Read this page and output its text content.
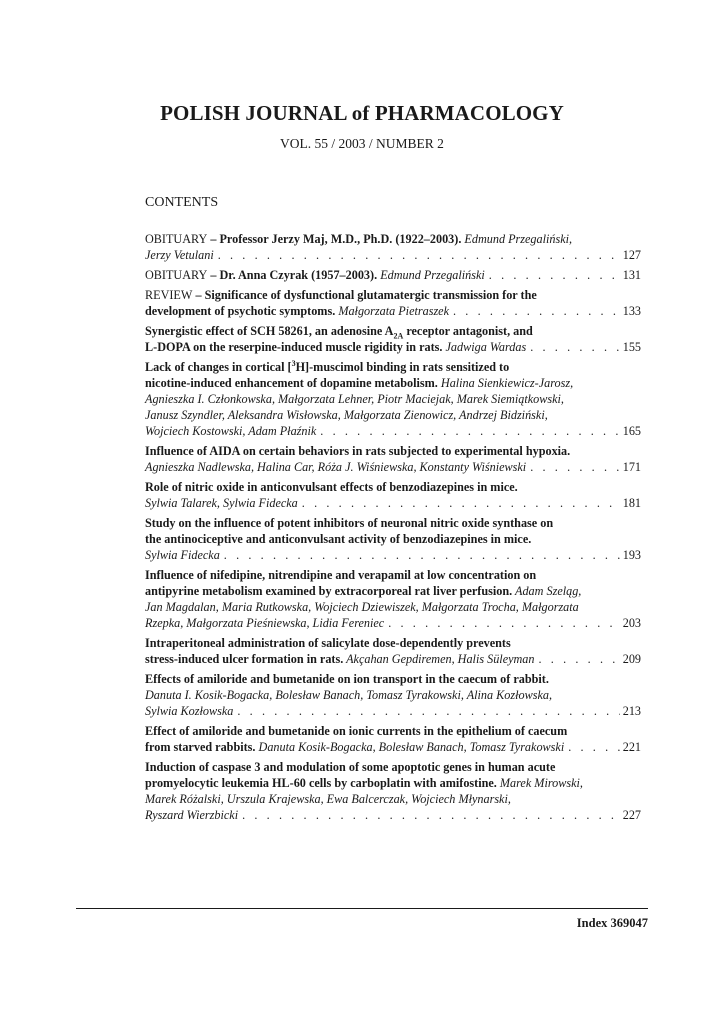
POLISH JOURNAL of PHARMACOLOGY
VOL. 55 / 2003 / NUMBER 2
CONTENTS
OBITUARY – Professor Jerzy Maj, M.D., Ph.D. (1922–2003). Edmund Przegaliński,
Jerzy Vetulani . . .	127
OBITUARY – Dr. Anna Czyrak (1957–2003). Edmund Przegaliński . . .	131
REVIEW – Significance of dysfunctional glutamatergic transmission for the
development of psychotic symptoms. Małgorzata Pietraszek . . .	133
Synergistic effect of SCH 58261, an adenosine $A_{2A}$ receptor antagonist, and
L-DOPA on the reserpine-induced muscle rigidity in rats. Jadwiga Wardas . . .	155
Lack of changes in cortical [$^3$H]-muscimol binding in rats sensitized to
nicotine-induced enhancement of dopamine metabolism. Halina Sienkiewicz-Jarosz,
Agnieszka I. Członkowska, Małgorzata Lehner, Piotr Maciejak, Marek Siemiątkowski,
Janusz Szyndler, Aleksandra Wisłowska, Małgorzata Zienowicz, Andrzej Bidziński,
Wojciech Kostowski, Adam Płaźnik . . .	165
Influence of AIDA on certain behaviors in rats subjected to experimental hypoxia.
Agnieszka Nadlewska, Halina Car, Róża J. Wiśniewska, Konstanty Wiśniewski . . .	171
Role of nitric oxide in anticonvulsant effects of benzodiazepines in mice.
Sylwia Talarek, Sylwia Fidecka . . .	181
Study on the influence of potent inhibitors of neuronal nitric oxide synthase on
the antinociceptive and anticonvulsant activity of benzodiazepines in mice.
Sylwia Fidecka . . .	193
Influence of nifedipine, nitrendipine and verapamil at low concentration on
antipyrine metabolism examined by extracorporeal rat liver perfusion. Adam Szeląg,
Jan Magdalan, Maria Rutkowska, Wojciech Dziewiszek, Małgorzata Trocha, Małgorzata
Rzepka, Małgorzata Pieśniewska, Lidia Fereniec . . .	203
Intraperitoneal administration of salicylate dose-dependently prevents
stress-induced ulcer formation in rats. Akçahan Gepdiremen, Halis Süleyman . . .	209
Effects of amiloride and bumetanide on ion transport in the caecum of rabbit.
Danuta I. Kosik-Bogacka, Bolesław Banach, Tomasz Tyrakowski, Alina Kozłowska,
Sylwia Kozłowska . . .	213
Effect of amiloride and bumetanide on ionic currents in the epithelium of caecum
from starved rabbits. Danuta Kosik-Bogacka, Bolesław Banach, Tomasz Tyrakowski . . .	221
Induction of caspase 3 and modulation of some apoptotic genes in human acute
promyelocytic leukemia HL-60 cells by carboplatin with amifostine. Marek Mirowski,
Marek Różalski, Urszula Krajewska, Ewa Balcerczak, Wojciech Młynarski,
Ryszard Wierzbicki . . .	227
Index 369047
